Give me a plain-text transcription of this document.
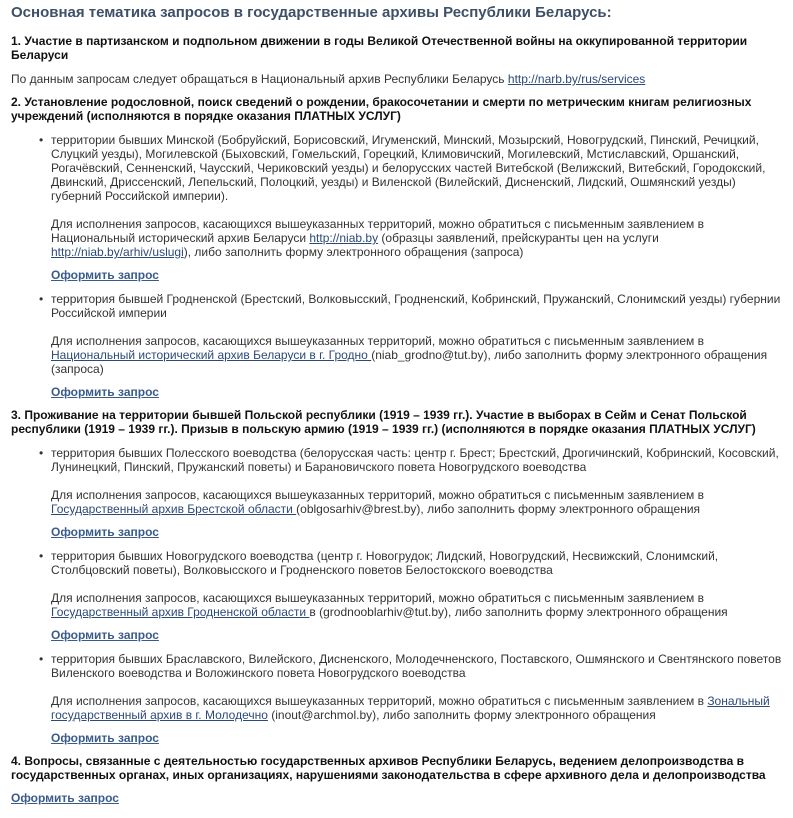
Основная тематика запросов в государственные архивы Республики Беларусь:
1. Участие в партизанском и подпольном движении в годы Великой Отечественной войны на оккупированной территории Беларуси
По данным запросам следует обращаться в Национальный архив Республики Беларусь http://narb.by/rus/services
2. Установление родословной, поиск сведений о рождении, бракосочетании и смерти по метрическим книгам религиозных учреждений (исполняются в порядке оказания ПЛАТНЫХ УСЛУГ)
• территории бывших Минской (Бобруйский, Борисовский, Игуменский, Минский, Мозырский, Новогрудский, Пинский, Речицкий, Слуцкий уезды), Могилевской (Быховский, Гомельский, Горецкий, Климовичский, Могилевский, Мстиславский, Оршанский, Рогачёвский, Сенненский, Чаусский, Чериковский уезды) и белорусских частей Витебской (Велижский, Витебский, Городокский, Двинский, Дриссенский, Лепельский, Полоцкий, уезды) и Виленской (Вилейский, Дисненский, Лидский, Ошмянский уезды) губерний Российской империи).

Для исполнения запросов, касающихся вышеуказанных территорий, можно обратиться с письменным заявлением в Национальный исторический архив Беларуси http://niab.by (образцы заявлений, прейскуранты цен на услуги http://niab.by/arhiv/uslugi), либо заполнить форму электронного обращения (запроса)

Оформить запрос
• территория бывшей Гродненской (Брестский, Волковысский, Гродненский, Кобринский, Пружанский, Слонимский уезды) губернии Российской империи

Для исполнения запросов, касающихся вышеуказанных территорий, можно обратиться с письменным заявлением в Национальный исторический архив Беларуси в г. Гродно (niab_grodno@tut.by), либо заполнить форму электронного обращения (запроса)

Оформить запрос
3. Проживание на территории бывшей Польской республики (1919 – 1939 гг.). Участие в выборах в Сейм и Сенат Польской республики (1919 – 1939 гг.). Призыв в польскую армию (1919 – 1939 гг.) (исполняются в порядке оказания ПЛАТНЫХ УСЛУГ)
• территория бывших Полесского воеводства (белорусская часть: центр г. Брест; Брестский, Дрогичинский, Кобринский, Косовский, Лунинецкий, Пинский, Пружанский поветы) и Барановичского повета Новогрудского воеводства

Для исполнения запросов, касающихся вышеуказанных территорий, можно обратиться с письменным заявлением в Государственный архив Брестской области (oblgosarhiv@brest.by), либо заполнить форму электронного обращения

Оформить запрос
• территория бывших Новогрудского воеводства (центр г. Новогрудок; Лидский, Новогрудский, Несвижский, Слонимский, Столбцовский поветы), Волковысского и Гродненского поветов Белостокского воеводства

Для исполнения запросов, касающихся вышеуказанных территорий, можно обратиться с письменным заявлением в Государственный архив Гродненской области в (grodnooblarhiv@tut.by), либо заполнить форму электронного обращения

Оформить запрос
• территория бывших Браславского, Вилейского, Дисненского, Молодечненского, Поставского, Ошмянского и Свентянского поветов Виленского воеводства и Воложинского повета Новогрудского воеводства

Для исполнения запросов, касающихся вышеуказанных территорий, можно обратиться с письменным заявлением в Зональный государственный архив в г. Молодечно (inout@archmol.by), либо заполнить форму электронного обращения

Оформить запрос
4. Вопросы, связанные с деятельностью государственных архивов Республики Беларусь, ведением делопроизводства в государственных органах, иных организациях, нарушениями законодательства в сфере архивного дела и делопроизводства
Оформить запрос
